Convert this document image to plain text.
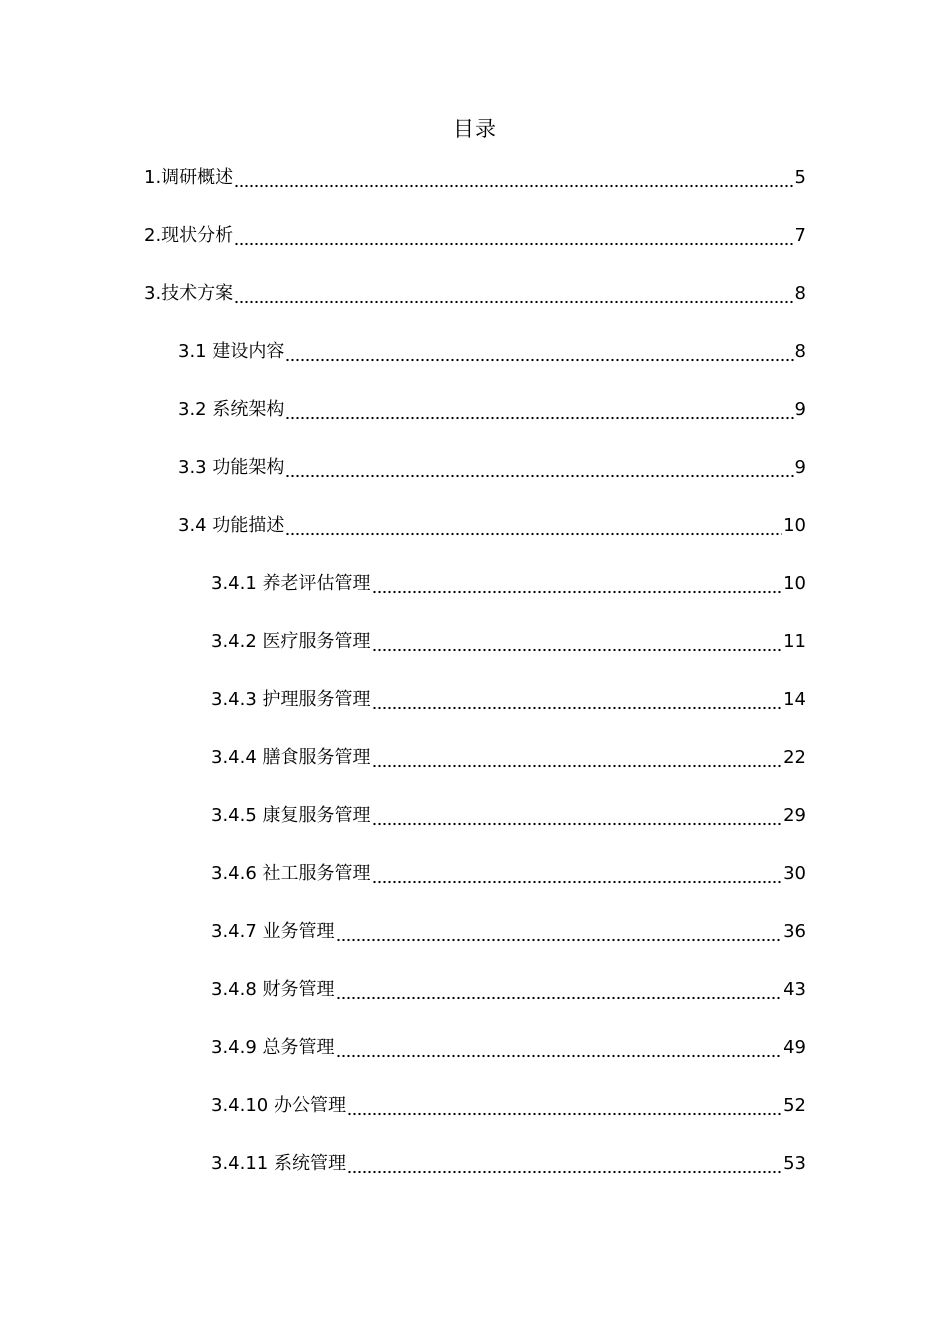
目录
1.调研概述	5
2.现状分析	7
3.技术方案	8
3.1 建设内容	8
3.2 系统架构	9
3.3 功能架构	9
3.4 功能描述	10
3.4.1 养老评估管理	10
3.4.2 医疗服务管理	11
3.4.3 护理服务管理	14
3.4.4 膳食服务管理	22
3.4.5 康复服务管理	29
3.4.6 社工服务管理	30
3.4.7 业务管理	36
3.4.8 财务管理	43
3.4.9 总务管理	49
3.4.10 办公管理	52
3.4.11 系统管理	53
